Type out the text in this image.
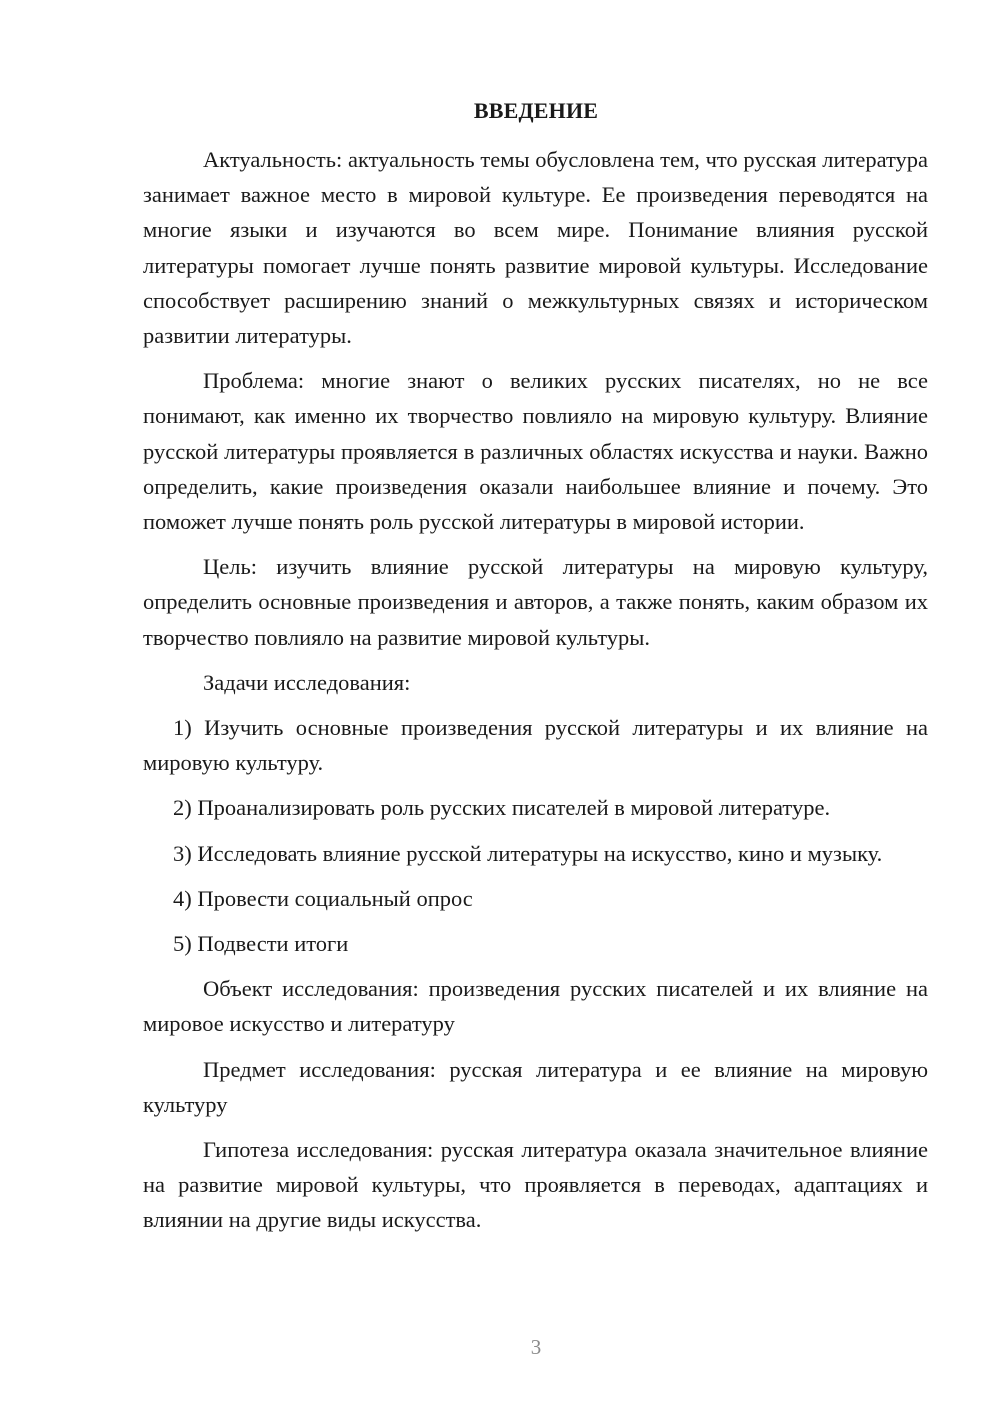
ВВЕДЕНИЕ

Актуальность: актуальность темы обусловлена тем, что русская литература занимает важное место в мировой культуре. Ее произведения переводятся на многие языки и изучаются во всем мире. Понимание влияния русской литературы помогает лучше понять развитие мировой культуры. Исследование способствует расширению знаний о межкультурных связях и историческом развитии литературы.

Проблема: многие знают о великих русских писателях, но не все понимают, как именно их творчество повлияло на мировую культуру. Влияние русской литературы проявляется в различных областях искусства и науки. Важно определить, какие произведения оказали наибольшее влияние и почему. Это поможет лучше понять роль русской литературы в мировой истории.

Цель: изучить влияние русской литературы на мировую культуру, определить основные произведения и авторов, а также понять, каким образом их творчество повлияло на развитие мировой культуры.

Задачи исследования:

1) Изучить основные произведения русской литературы и их влияние на мировую культуру.

2) Проанализировать роль русских писателей в мировой литературе.

3) Исследовать влияние русской литературы на искусство, кино и музыку.

4) Провести социальный опрос

5) Подвести итоги

Объект исследования: произведения русских писателей и их влияние на мировое искусство и литературу

Предмет исследования: русская литература и ее влияние на мировую культуру

Гипотеза исследования: русская литература оказала значительное влияние на развитие мировой культуры, что проявляется в переводах, адаптациях и влиянии на другие виды искусства.

3
